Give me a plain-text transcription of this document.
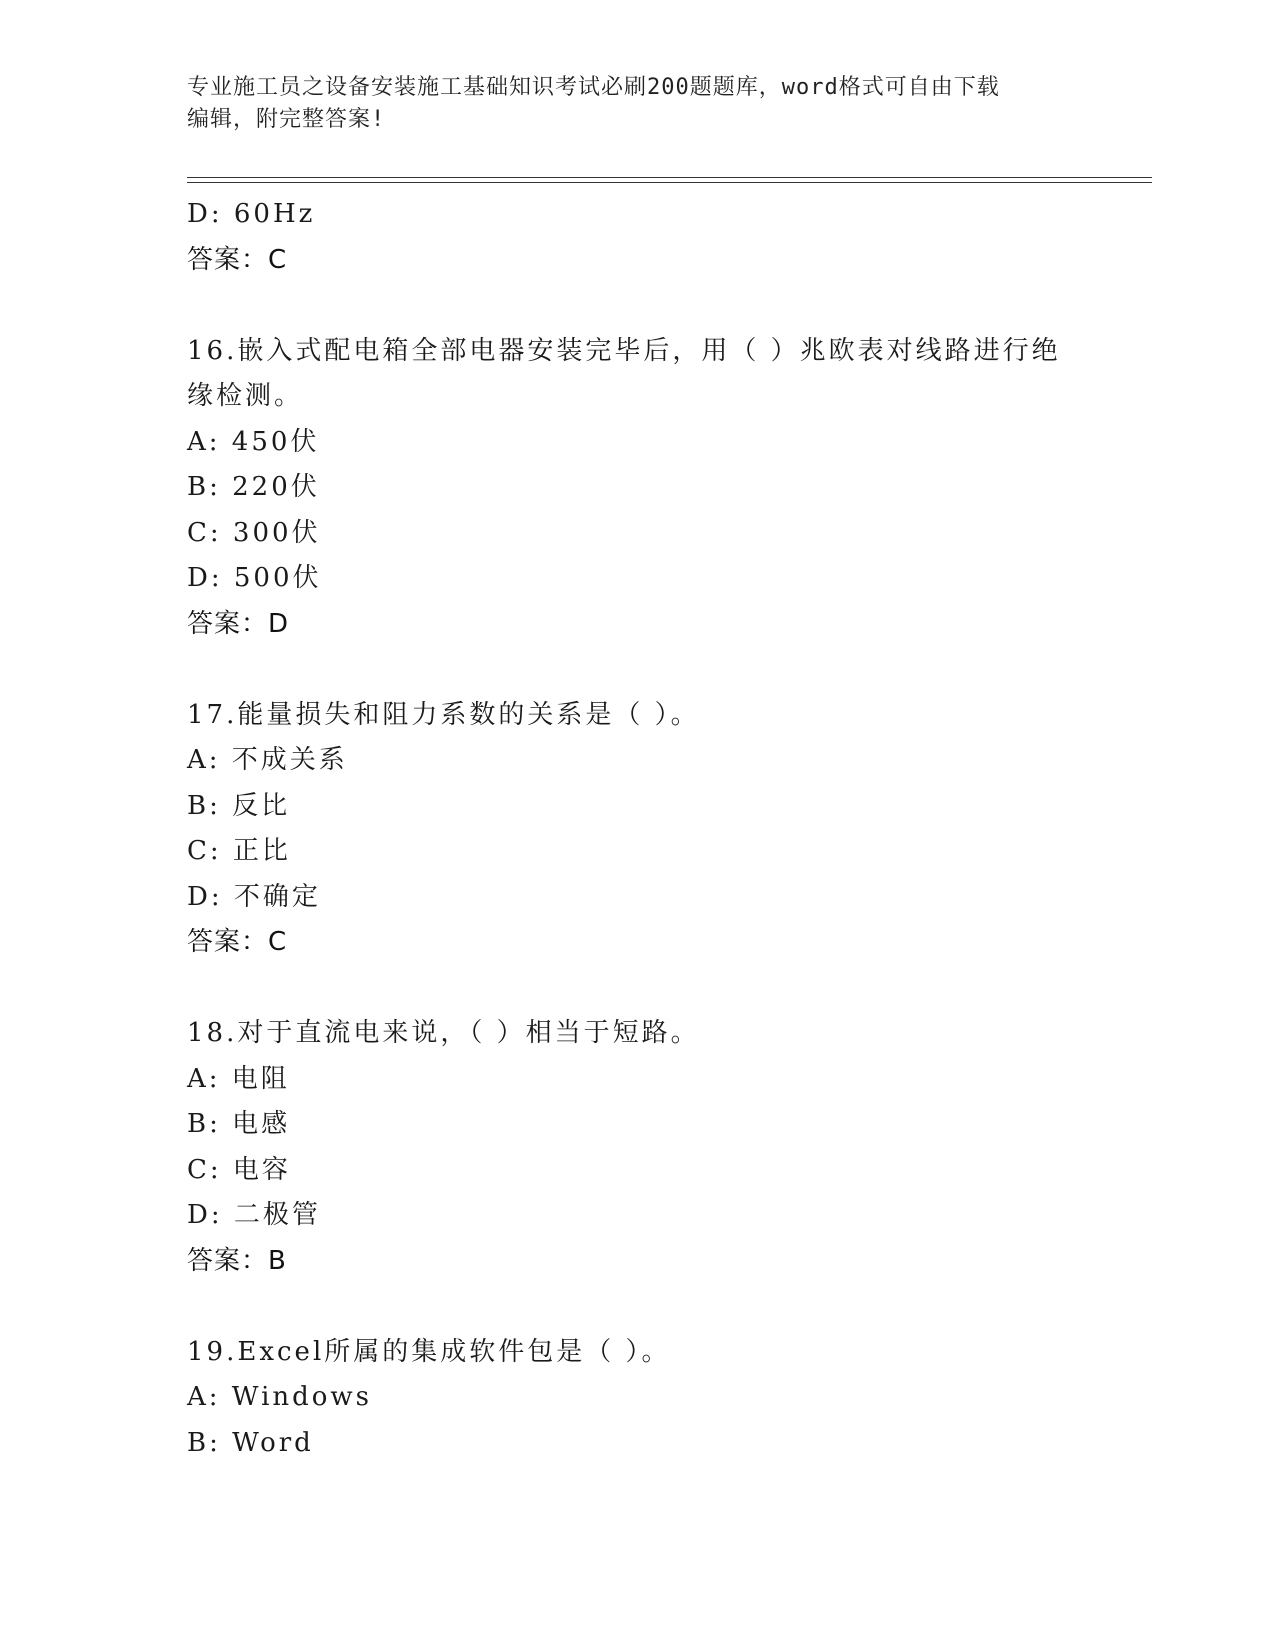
专业施工员之设备安装施工基础知识考试必刷200题题库，word格式可自由下载
编辑，附完整答案!
D: 60Hz
答案：C
16.嵌入式配电箱全部电器安装完毕后，用（ ）兆欧表对线路进行绝
缘检测。
A: 450伏
B: 220伏
C: 300伏
D: 500伏
答案：D
17.能量损失和阻力系数的关系是（ ）。
A: 不成关系
B: 反比
C: 正比
D: 不确定
答案：C
18.对于直流电来说，（ ）相当于短路。
A: 电阻
B: 电感
C: 电容
D: 二极管
答案：B
19.Excel所属的集成软件包是（ ）。
A: Windows
B: Word
